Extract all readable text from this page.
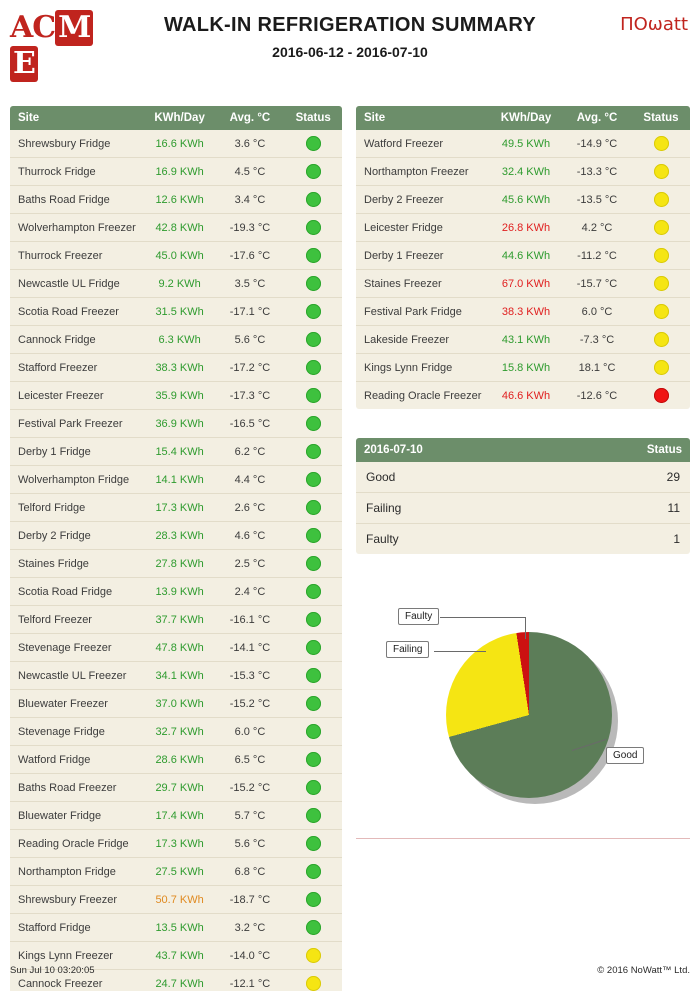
AC ME
WALK-IN REFRIGERATION SUMMARY
2016-06-12 - 2016-07-10
ΠΟωatt
Site	KWh/Day	Avg. °C	Status
Shrewsbury Fridge	16.6 KWh	3.6 °C	
Thurrock Fridge	16.9 KWh	4.5 °C	
Baths Road Fridge	12.6 KWh	3.4 °C	
Wolverhampton Freezer	42.8 KWh	-19.3 °C	
Thurrock Freezer	45.0 KWh	-17.6 °C	
Newcastle UL Fridge	9.2 KWh	3.5 °C	
Scotia Road Freezer	31.5 KWh	-17.1 °C	
Cannock Fridge	6.3 KWh	5.6 °C	
Stafford Freezer	38.3 KWh	-17.2 °C	
Leicester Freezer	35.9 KWh	-17.3 °C	
Festival Park Freezer	36.9 KWh	-16.5 °C	
Derby 1 Fridge	15.4 KWh	6.2 °C	
Wolverhampton Fridge	14.1 KWh	4.4 °C	
Telford Fridge	17.3 KWh	2.6 °C	
Derby 2 Fridge	28.3 KWh	4.6 °C	
Staines Fridge	27.8 KWh	2.5 °C	
Scotia Road Fridge	13.9 KWh	2.4 °C	
Telford Freezer	37.7 KWh	-16.1 °C	
Stevenage Freezer	47.8 KWh	-14.1 °C	
Newcastle UL Freezer	34.1 KWh	-15.3 °C	
Bluewater Freezer	37.0 KWh	-15.2 °C	
Stevenage Fridge	32.7 KWh	6.0 °C	
Watford Fridge	28.6 KWh	6.5 °C	
Baths Road Freezer	29.7 KWh	-15.2 °C	
Bluewater Fridge	17.4 KWh	5.7 °C	
Reading Oracle Fridge	17.3 KWh	5.6 °C	
Northampton Fridge	27.5 KWh	6.8 °C	
Shrewsbury Freezer	50.7 KWh	-18.7 °C	
Stafford Fridge	13.5 KWh	3.2 °C	
Kings Lynn Freezer	43.7 KWh	-14.0 °C	
Cannock Freezer	24.7 KWh	-12.1 °C	
Site	KWh/Day	Avg. °C	Status
Watford Freezer	49.5 KWh	-14.9 °C	
Northampton Freezer	32.4 KWh	-13.3 °C	
Derby 2 Freezer	45.6 KWh	-13.5 °C	
Leicester Fridge	26.8 KWh	4.2 °C	
Derby 1 Freezer	44.6 KWh	-11.2 °C	
Staines Freezer	67.0 KWh	-15.7 °C	
Festival Park Fridge	38.3 KWh	6.0 °C	
Lakeside Freezer	43.1 KWh	-7.3 °C	
Kings Lynn Fridge	15.8 KWh	18.1 °C	
Reading Oracle Freezer	46.6 KWh	-12.6 °C	
2016-07-10	Status
Good	29
Failing	11
Faulty	1
Faulty
Failing
Good
Sun Jul 10 03:20:05	© 2016 NoWatt™ Ltd.
